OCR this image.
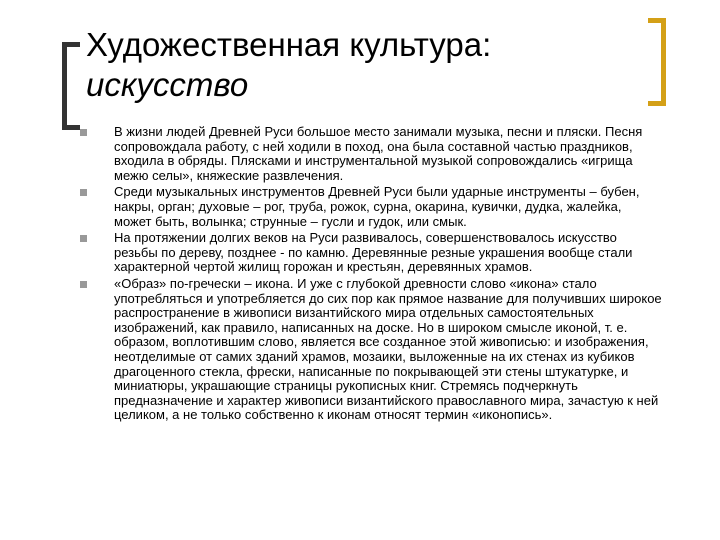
Художественная культура:
искусство
В жизни людей Древней Руси большое место занимали музыка, песни и пляски. Песня сопровождала работу, с ней ходили в поход, она была составной частью праздников, входила в обряды. Плясками и инструментальной музыкой сопровождались «игрища межю селы», княжеские развлечения.
Среди музыкальных инструментов Древней Руси были ударные инструменты – бубен, накры, орган; духовые – рог, труба, рожок, сурна, окарина, кувички, дудка, жалейка, может быть, волынка; струнные – гусли и гудок, или смык.
На протяжении долгих веков на Руси развивалось, совершенствовалось искусство резьбы по дереву, позднее - по камню. Деревянные резные украшения вообще стали характерной чертой жилищ горожан и крестьян, деревянных храмов.
«Образ» по-гречески – икона. И уже с глубокой древности слово «икона» стало употребляться и употребляется до сих пор как прямое название для получивших широкое распространение в живописи византийского мира отдельных самостоятельных изображений, как правило, написанных на доске. Но в широком смысле иконой, т. е. образом, воплотившим слово, является все созданное этой живописью: и изображения, неотделимые от самих зданий храмов, мозаики, выложенные на их стенах из кубиков драгоценного стекла, фрески, написанные по покрывающей эти стены штукатурке, и миниатюры, украшающие страницы рукописных книг. Стремясь подчеркнуть предназначение и характер живописи византийского православного мира, зачастую к ней целиком, а не только собственно к иконам относят термин «иконопись».
